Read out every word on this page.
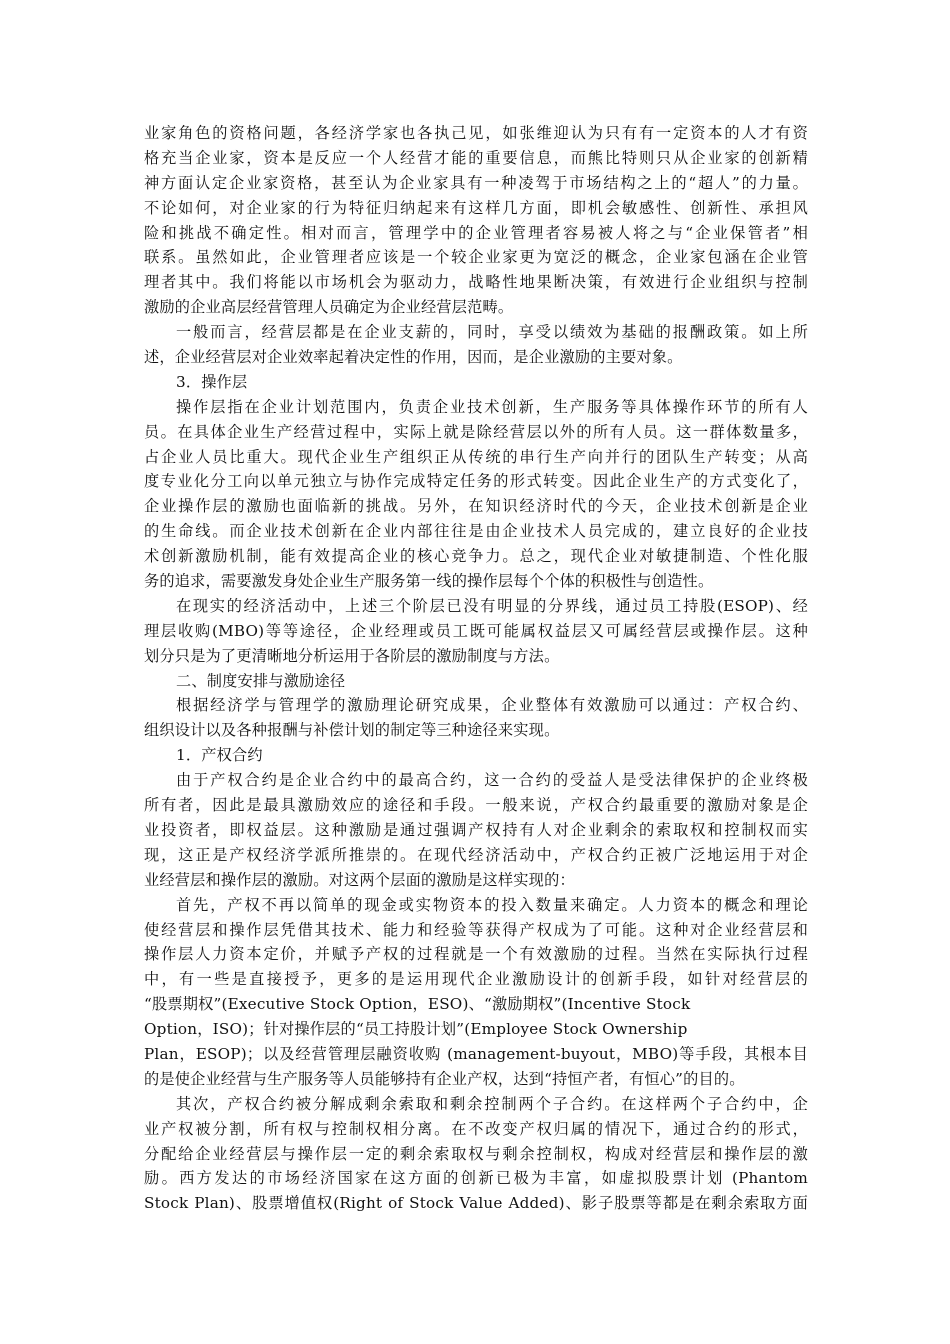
业家角色的资格问题，各经济学家也各执己见，如张维迎认为只有有一定资本的人才有资
格充当企业家，资本是反应一个人经营才能的重要信息，而熊比特则只从企业家的创新精
神方面认定企业家资格，甚至认为企业家具有一种凌驾于市场结构之上的“超人”的力量。
不论如何，对企业家的行为特征归纳起来有这样几方面，即机会敏感性、创新性、承担风
险和挑战不确定性。相对而言，管理学中的企业管理者容易被人将之与“企业保管者”相
联系。虽然如此，企业管理者应该是一个较企业家更为宽泛的概念，企业家包涵在企业管
理者其中。我们将能以市场机会为驱动力，战略性地果断决策，有效进行企业组织与控制
激励的企业高层经营管理人员确定为企业经营层范畴。
一般而言，经营层都是在企业支薪的，同时，享受以绩效为基础的报酬政策。如上所
述，企业经营层对企业效率起着决定性的作用，因而，是企业激励的主要对象。
3．操作层
操作层指在企业计划范围内，负责企业技术创新，生产服务等具体操作环节的所有人
员。在具体企业生产经营过程中，实际上就是除经营层以外的所有人员。这一群体数量多，
占企业人员比重大。现代企业生产组织正从传统的串行生产向并行的团队生产转变；从高
度专业化分工向以单元独立与协作完成特定任务的形式转变。因此企业生产的方式变化了，
企业操作层的激励也面临新的挑战。另外，在知识经济时代的今天，企业技术创新是企业
的生命线。而企业技术创新在企业内部往往是由企业技术人员完成的，建立良好的企业技
术创新激励机制，能有效提高企业的核心竞争力。总之，现代企业对敏捷制造、个性化服
务的追求，需要激发身处企业生产服务第一线的操作层每个个体的积极性与创造性。
在现实的经济活动中，上述三个阶层已没有明显的分界线，通过员工持股(ESOP)、经
理层收购(MBO)等等途径，企业经理或员工既可能属权益层又可属经营层或操作层。这种
划分只是为了更清晰地分析运用于各阶层的激励制度与方法。
二、制度安排与激励途径
根据经济学与管理学的激励理论研究成果，企业整体有效激励可以通过：产权合约、
组织设计以及各种报酬与补偿计划的制定等三种途径来实现。
1．产权合约
由于产权合约是企业合约中的最高合约，这一合约的受益人是受法律保护的企业终极
所有者，因此是最具激励效应的途径和手段。一般来说，产权合约最重要的激励对象是企
业投资者，即权益层。这种激励是通过强调产权持有人对企业剩余的索取权和控制权而实
现，这正是产权经济学派所推崇的。在现代经济活动中，产权合约正被广泛地运用于对企
业经营层和操作层的激励。对这两个层面的激励是这样实现的：
首先，产权不再以简单的现金或实物资本的投入数量来确定。人力资本的概念和理论
使经营层和操作层凭借其技术、能力和经验等获得产权成为了可能。这种对企业经营层和
操作层人力资本定价，并赋予产权的过程就是一个有效激励的过程。当然在实际执行过程
中，有一些是直接授予，更多的是运用现代企业激励设计的创新手段，如针对经营层的
“股票期权”(Executive Stock Option，ESO)、“激励期权”(Incentive Stock
Option，ISO)；针对操作层的“员工持股计划”(Employee Stock Ownership
Plan，ESOP)；以及经营管理层融资收购 (management-buyout，MBO)等手段，其根本目
的是使企业经营与生产服务等人员能够持有企业产权，达到“持恒产者，有恒心”的目的。
其次，产权合约被分解成剩余索取和剩余控制两个子合约。在这样两个子合约中，企
业产权被分割，所有权与控制权相分离。在不改变产权归属的情况下，通过合约的形式，
分配给企业经营层与操作层一定的剩余索取权与剩余控制权，构成对经营层和操作层的激
励。西方发达的市场经济国家在这方面的创新已极为丰富，如虚拟股票计划 (Phantom
Stock Plan)、股票增值权(Right of Stock Value Added)、影子股票等都是在剩余索取方面
